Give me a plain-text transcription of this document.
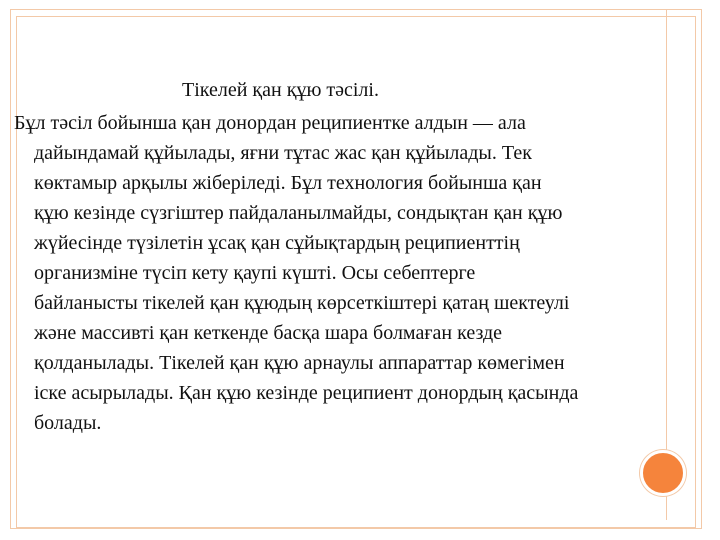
Тікелей қан құю тәсілі.

Бұл тәсіл бойынша қан донордан реципиентке алдын — ала
дайындамай құйылады, яғни тұтас жас қан құйылады. Тек
көктамыр арқылы жіберіледі. Бұл технология бойынша қан
құю кезінде сүзгіштер пайдаланылмайды, сондықтан қан құю
жүйесінде түзілетін ұсақ қан сұйықтардың реципиенттің
организміне түсіп кету қаупі күшті. Осы себептерге
байланысты тікелей қан құюдың көрсеткіштері қатаң шектеулі
және массивті қан кеткенде басқа шара болмаған кезде
қолданылады. Тікелей қан құю арнаулы аппараттар көмегімен
іске асырылады. Қан құю кезінде реципиент донордың қасында
болады.
